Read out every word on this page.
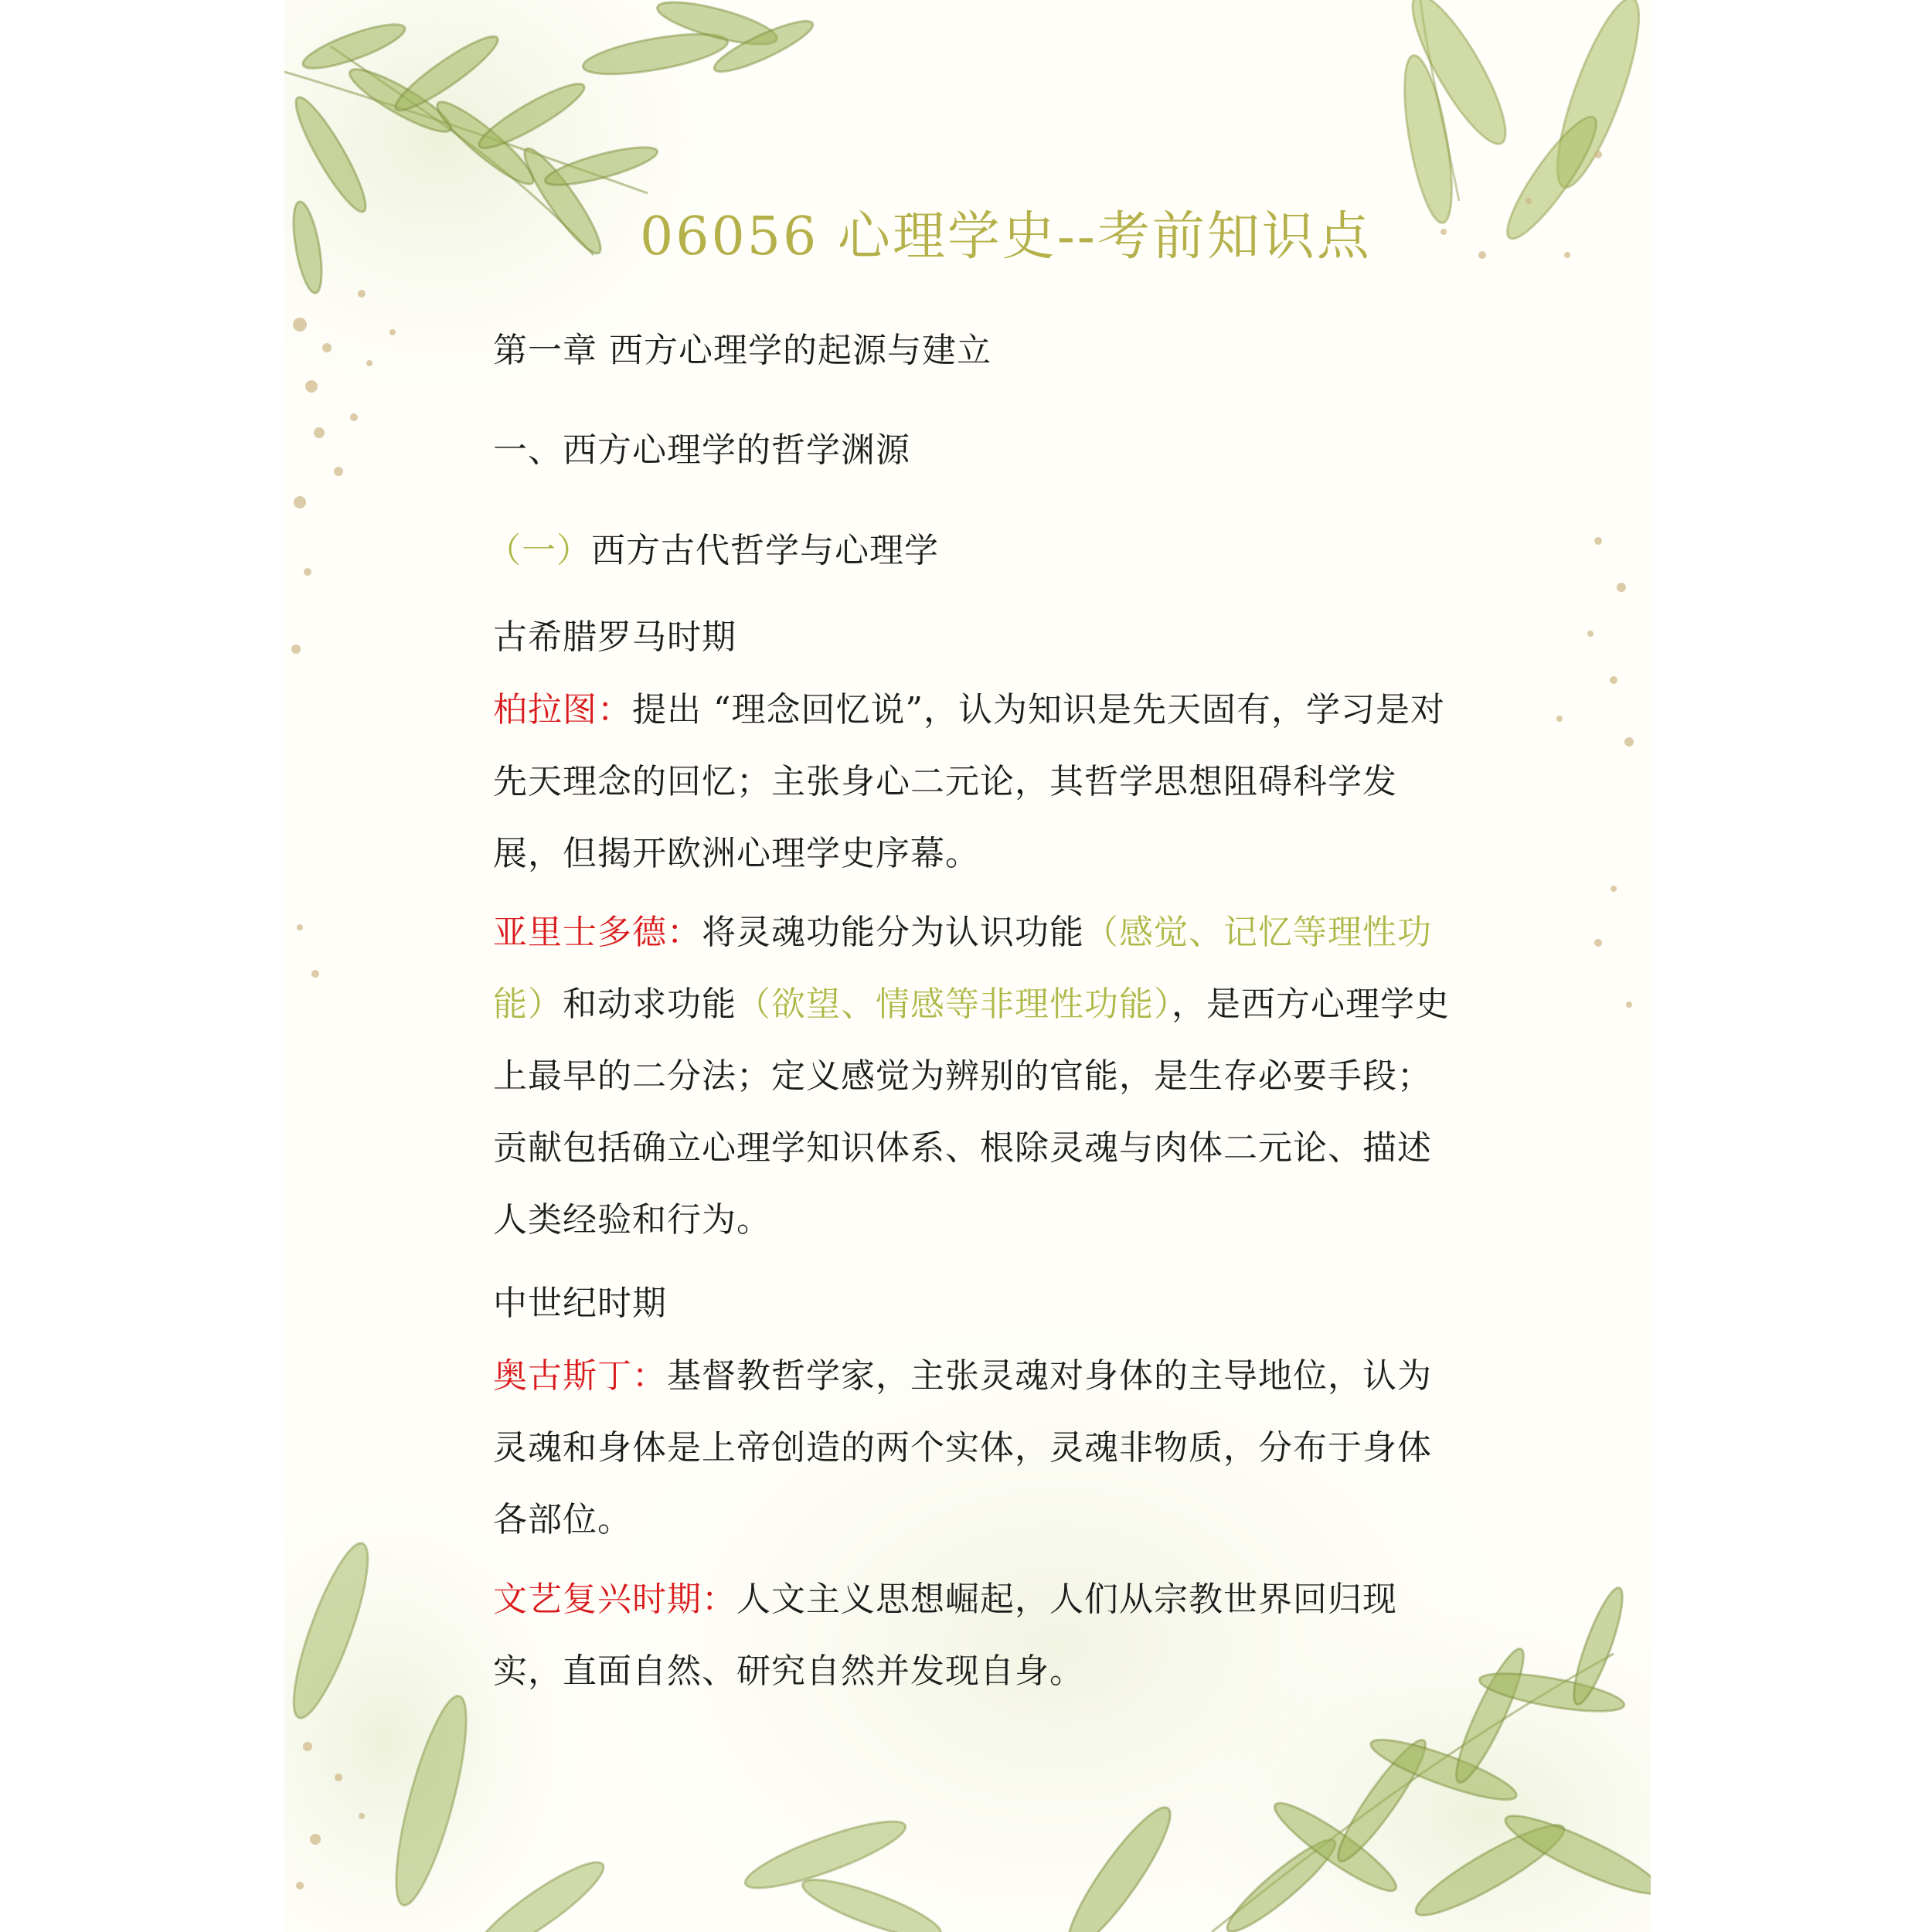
06056 心理学史--考前知识点
第一章 西方心理学的起源与建立
一、西方心理学的哲学渊源
（一）西方古代哲学与心理学
古希腊罗马时期
柏拉图：提出 “理念回忆说”，认为知识是先天固有，学习是对先天理念的回忆；主张身心二元论，其哲学思想阻碍科学发展，但揭开欧洲心理学史序幕。
亚里士多德：将灵魂功能分为认识功能（感觉、记忆等理性功能）和动求功能（欲望、情感等非理性功能），是西方心理学史上最早的二分法；定义感觉为辨别的官能，是生存必要手段；贡献包括确立心理学知识体系、根除灵魂与肉体二元论、描述人类经验和行为。
中世纪时期
奥古斯丁：基督教哲学家，主张灵魂对身体的主导地位，认为灵魂和身体是上帝创造的两个实体，灵魂非物质，分布于身体各部位。
文艺复兴时期：人文主义思想崛起，人们从宗教世界回归现实，直面自然、研究自然并发现自身。
